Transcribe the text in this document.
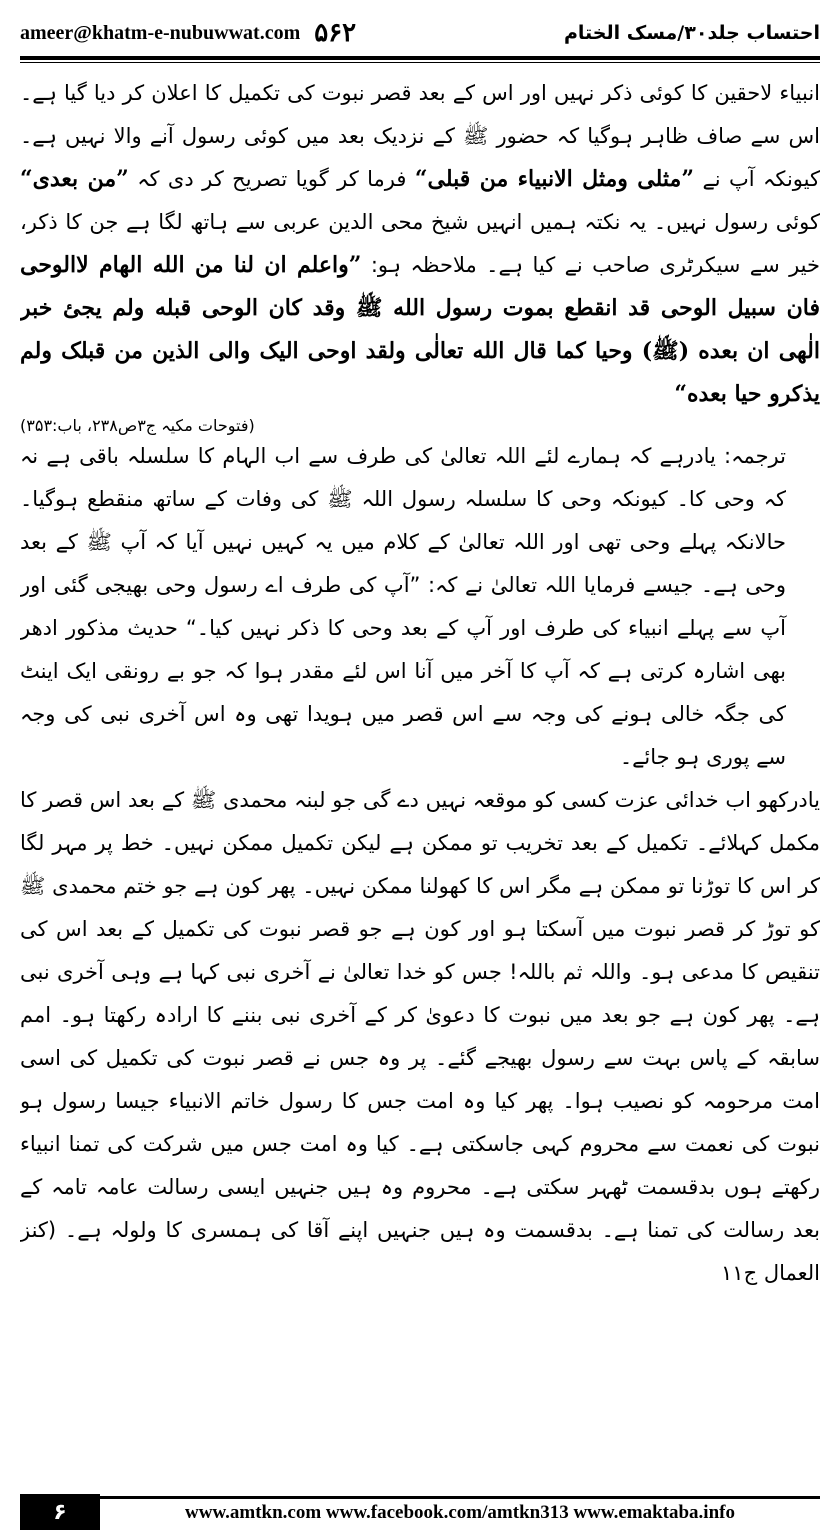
ameer@khatm-e-nubuwwat.com ۵۶۲	احتساب جلد۳۰/مسک الختام

انبیاء لاحقین کا کوئی ذکر نہیں اور اس کے بعد قصر نبوت کی تکمیل کا اعلان کر دیا گیا ہے۔ اس سے صاف ظاہر ہوگیا کہ حضور ﷺ کے نزدیک بعد میں کوئی رسول آنے والا نہیں ہے۔ کیونکہ آپ نے ”مثلی ومثل الانبیاء من قبلی“ فرما کر گویا تصریح کر دی کہ ”من بعدی“ کوئی رسول نہیں۔ یہ نکتہ ہمیں انہیں شیخ محی الدین عربی سے ہاتھ لگا ہے جن کا ذکر، خیر سے سیکرٹری صاحب نے کیا ہے۔ ملاحظہ ہو: ”واعلم ان لنا من الله الهام لاالوحی فان سبیل الوحی قد انقطع بموت رسول الله ﷺ وقد کان الوحی قبله ولم یجئ خبر الٰهی ان بعده (ﷺ) وحیا کما قال الله تعالٰی ولقد اوحی الیک والی الذین من قبلک ولم یذکرو حیا بعده“

(فتوحات مکیہ ج۳ص۲۳۸، باب:۳۵۳)

ترجمہ: یادرہے کہ ہمارے لئے اللہ تعالیٰ کی طرف سے اب الہام کا سلسلہ باقی ہے نہ کہ وحی کا۔ کیونکہ وحی کا سلسلہ رسول اللہ ﷺ کی وفات کے ساتھ منقطع ہوگیا۔ حالانکہ پہلے وحی تھی اور اللہ تعالیٰ کے کلام میں یہ کہیں نہیں آیا کہ آپ ﷺ کے بعد وحی ہے۔ جیسے فرمایا اللہ تعالیٰ نے کہ: ”آپ کی طرف اے رسول وحی بھیجی گئی اور آپ سے پہلے انبیاء کی طرف اور آپ کے بعد وحی کا ذکر نہیں کیا۔“ حدیث مذکور ادھر بھی اشارہ کرتی ہے کہ آپ کا آخر میں آنا اس لئے مقدر ہوا کہ جو بے رونقی ایک اینٹ کی جگہ خالی ہونے کی وجہ سے اس قصر میں ہویدا تھی وہ اس آخری نبی کی وجہ سے پوری ہو جائے۔

یادرکھو اب خدائی عزت کسی کو موقعہ نہیں دے گی جو لبنہ محمدی ﷺ کے بعد اس قصر کا مکمل کہلائے۔ تکمیل کے بعد تخریب تو ممکن ہے لیکن تکمیل ممکن نہیں۔ خط پر مہر لگا کر اس کا توڑنا تو ممکن ہے مگر اس کا کھولنا ممکن نہیں۔ پھر کون ہے جو ختم محمدی ﷺ کو توڑ کر قصر نبوت میں آسکتا ہو اور کون ہے جو قصر نبوت کی تکمیل کے بعد اس کی تنقیص کا مدعی ہو۔ واللہ ثم باللہ! جس کو خدا تعالیٰ نے آخری نبی کہا ہے وہی آخری نبی ہے۔ پھر کون ہے جو بعد میں نبوت کا دعویٰ کر کے آخری نبی بننے کا ارادہ رکھتا ہو۔ امم سابقہ کے پاس بہت سے رسول بھیجے گئے۔ پر وہ جس نے قصر نبوت کی تکمیل کی اسی امت مرحومہ کو نصیب ہوا۔ پھر کیا وہ امت جس کا رسول خاتم الانبیاء جیسا رسول ہو نبوت کی نعمت سے محروم کہی جاسکتی ہے۔ کیا وہ امت جس میں شرکت کی تمنا انبیاء رکھتے ہوں بدقسمت ٹھہر سکتی ہے۔ محروم وہ ہیں جنہیں ایسی رسالت عامہ تامہ کے بعد رسالت کی تمنا ہے۔ بدقسمت وہ ہیں جنہیں اپنے آقا کی ہمسری کا ولولہ ہے۔ (کنز العمال ج۱۱

۶	www.amtkn.com www.facebook.com/amtkn313 www.emaktaba.info
